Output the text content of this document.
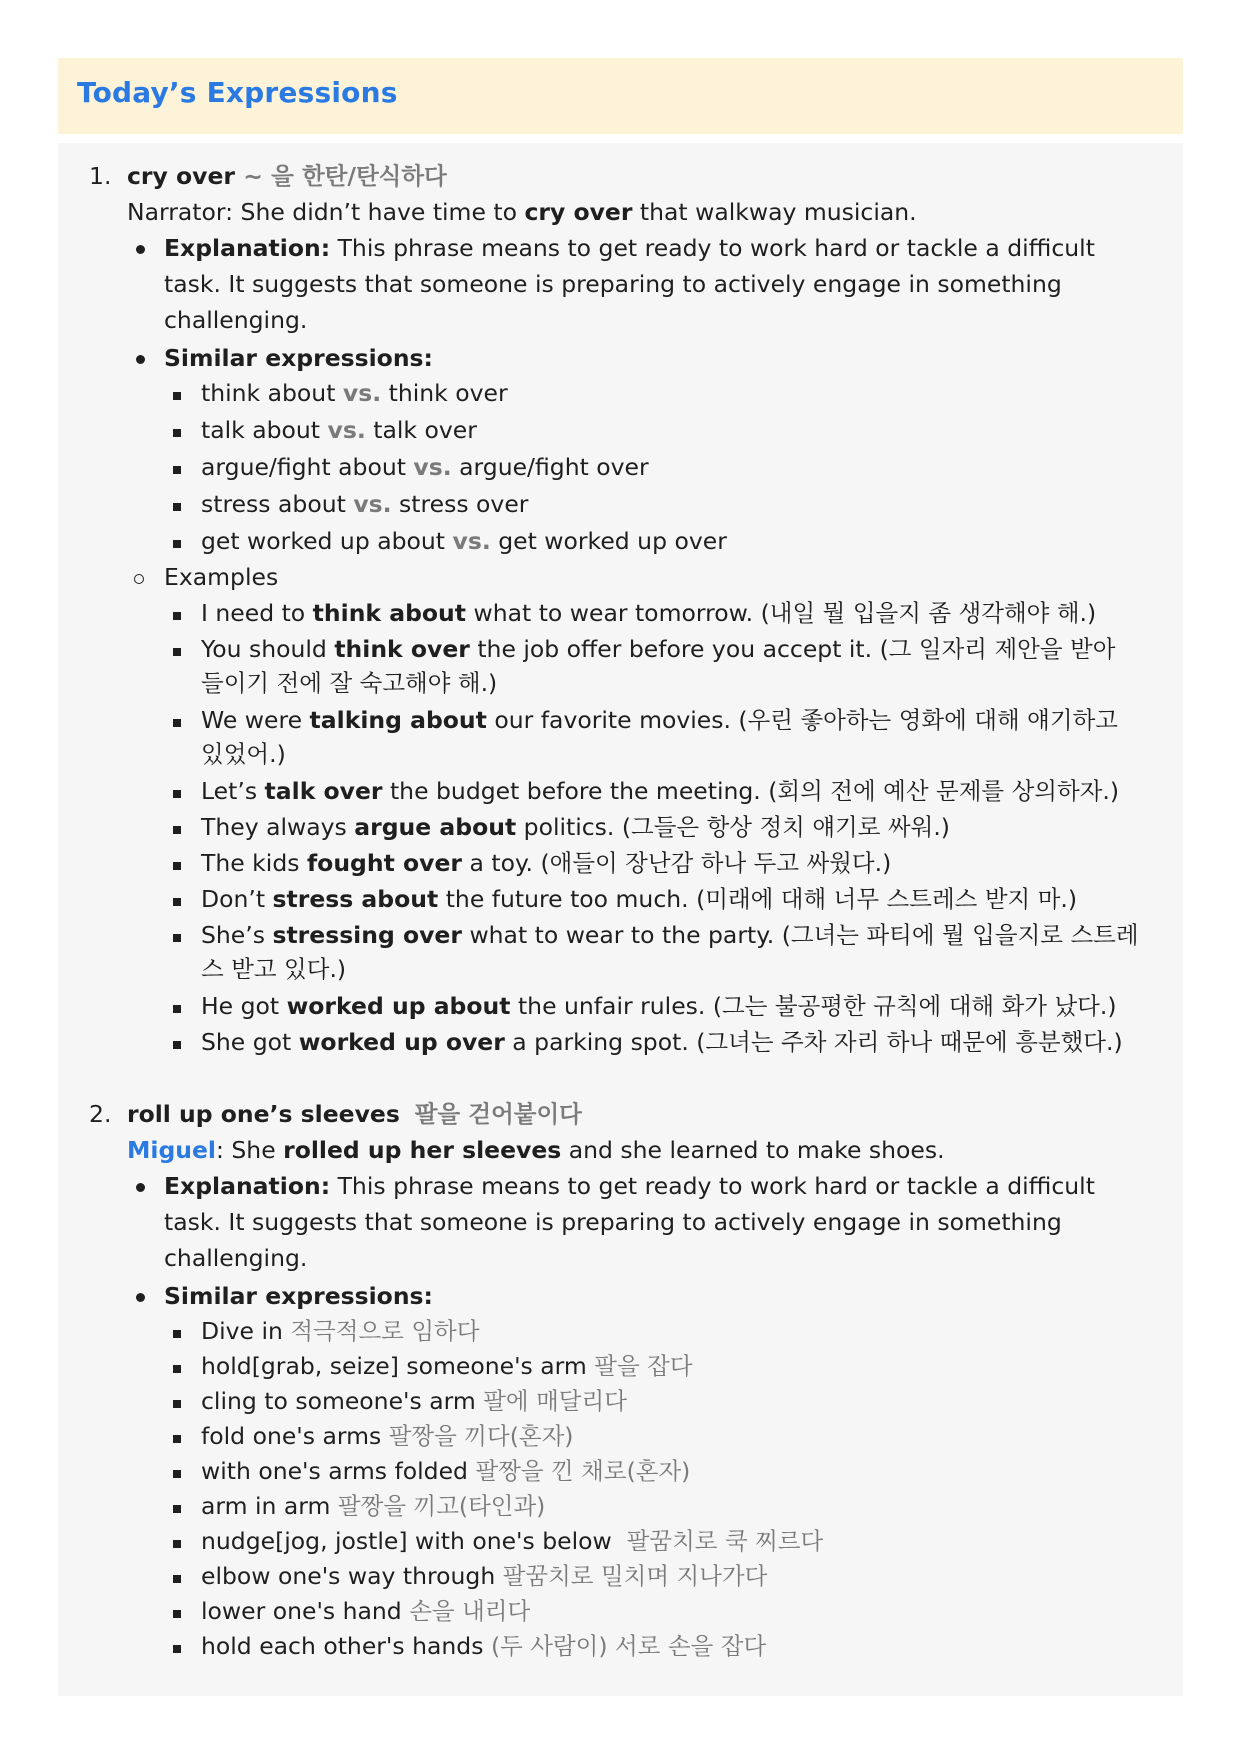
Today’s Expressions
1. cry over ~ 을 한탄/탄식하다
Narrator: She didn’t have time to cry over that walkway musician.
Explanation: This phrase means to get ready to work hard or tackle a difficult
task. It suggests that someone is preparing to actively engage in something
challenging.
Similar expressions:
think about vs. think over
talk about vs. talk over
argue/fight about vs. argue/fight over
stress about vs. stress over
get worked up about vs. get worked up over
Examples
I need to think about what to wear tomorrow. (내일 뭘 입을지 좀 생각해야 해.)
You should think over the job offer before you accept it. (그 일자리 제안을 받아
들이기 전에 잘 숙고해야 해.)
We were talking about our favorite movies. (우린 좋아하는 영화에 대해 얘기하고
있었어.)
Let’s talk over the budget before the meeting. (회의 전에 예산 문제를 상의하자.)
They always argue about politics. (그들은 항상 정치 얘기로 싸워.)
The kids fought over a toy. (애들이 장난감 하나 두고 싸웠다.)
Don’t stress about the future too much. (미래에 대해 너무 스트레스 받지 마.)
She’s stressing over what to wear to the party. (그녀는 파티에 뭘 입을지로 스트레
스 받고 있다.)
He got worked up about the unfair rules. (그는 불공평한 규칙에 대해 화가 났다.)
She got worked up over a parking spot. (그녀는 주차 자리 하나 때문에 흥분했다.)
2. roll up one’s sleeves 팔을 걷어붙이다
Miguel: She rolled up her sleeves and she learned to make shoes.
Explanation: This phrase means to get ready to work hard or tackle a difficult
task. It suggests that someone is preparing to actively engage in something
challenging.
Similar expressions:
Dive in 적극적으로 임하다
hold[grab, seize] someone's arm 팔을 잡다
cling to someone's arm 팔에 매달리다
fold one's arms 팔짱을 끼다(혼자)
with one's arms folded 팔짱을 낀 채로(혼자)
arm in arm 팔짱을 끼고(타인과)
nudge[jog, jostle] with one's below  팔꿈치로 쿡 찌르다
elbow one's way through 팔꿈치로 밀치며 지나가다
lower one's hand 손을 내리다
hold each other's hands (두 사람이) 서로 손을 잡다
